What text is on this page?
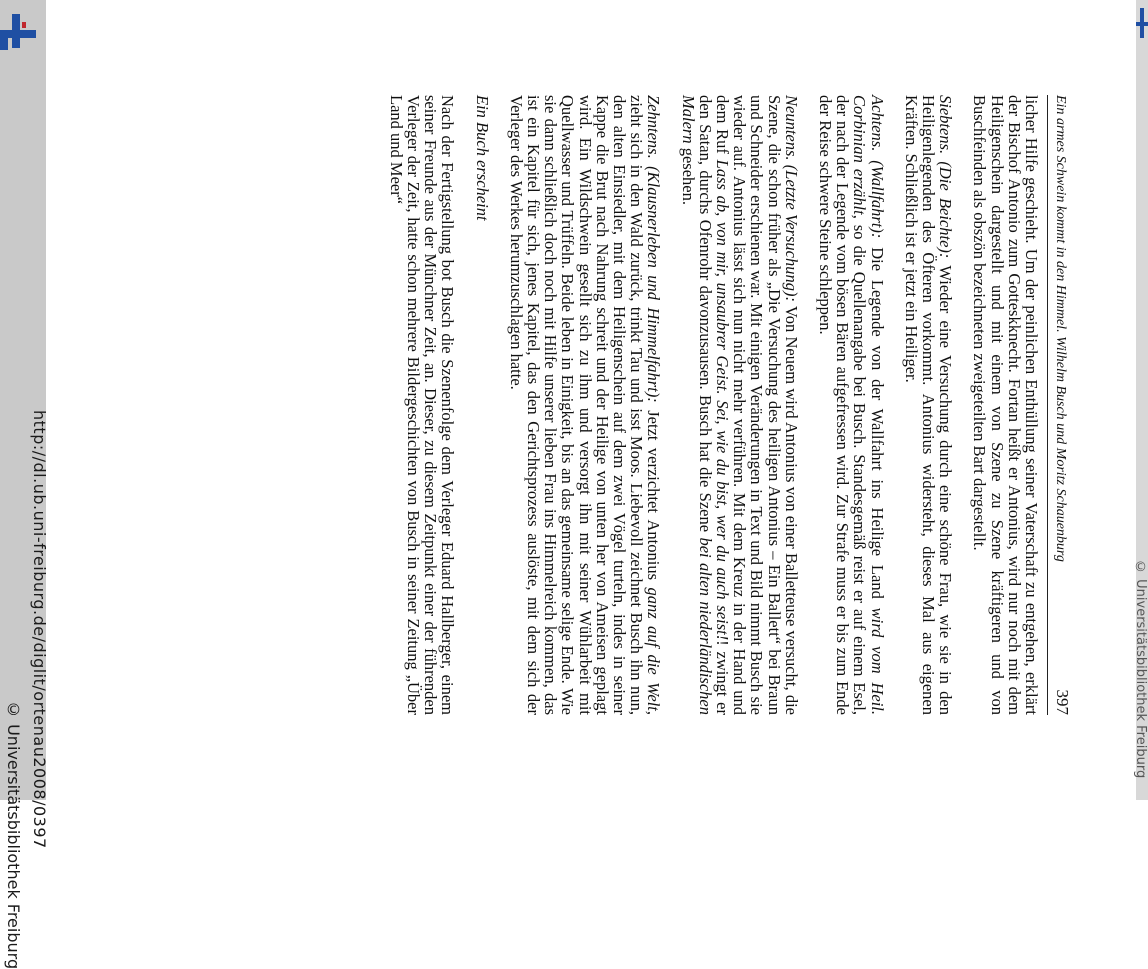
http://dl.ub.uni-freiburg.de/diglit/ortenau2008/0397
© Universitätsbibliothek Freiburg
© Universitätsbibliothek Freiburg
Ein armes Schwein kommt in den Himmel. Wilhelm Busch und Moritz Schauenburg
397

licher Hilfe geschieht. Um der peinlichen Enthüllung seiner Vaterschaft zu entgehen, erklärt der Bischof Antonio zum Gotteskknecht. Fortan heißt er Antonius, wird nur noch mit dem Heiligenschein dargestellt und mit einem von Szene zu Szene kräftigeren und von Buschfeinden als obszön bezeichneten zweigeteilten Bart dargestellt.

Siebtens. (Die Beichte): Wieder eine Versuchung durch eine schöne Frau, wie sie in den Heiligenlegenden des Öfteren vorkommt. Antonius widersteht, dieses Mal aus eigenen Kräften. Schließlich ist er jetzt ein Heiliger.

Achtens. (Wallfahrt): Die Legende von der Wallfahrt ins Heilige Land wird vom Heil. Corbinian erzählt, so die Quellenangabe bei Busch. Standesgemäß reist er auf einem Esel, der nach der Legende vom bösen Bären aufgefressen wird. Zur Strafe muss er bis zum Ende der Reise schwere Steine schleppen.

Neuntens. (Letzte Versuchung): Von Neuem wird Antonius von einer Balletteuse versucht, die Szene, die schon früher als „Die Versuchung des heiligen Antonius – Ein Ballett“ bei Braun und Schneider erschienen war. Mit einigen Veränderungen in Text und Bild nimmt Busch sie wieder auf. Antonius lässt sich nun nicht mehr verführen. Mit dem Kreuz in der Hand und dem Ruf Lass ab, von mir, unsaubrer Geist. Sei, wie du bist, wer du auch seist!! zwingt er den Satan, durchs Ofenrohr davonzusausen. Busch hat die Szene bei alten niederländischen Malern gesehen.

Zehntens. (Klausnerleben und Himmelfahrt): Jetzt verzichtet Antonius ganz auf die Welt, zieht sich in den Wald zurück, trinkt Tau und isst Moos. Liebevoll zeichnet Busch ihn nun, den alten Einsiedler, mit dem Heiligenschein auf dem zwei Vögel turteln, indes in seiner Kappe die Brut nach Nahrung schreit und der Heilige von unten her von Ameisen geplagt wird. Ein Wildschwein gesellt sich zu ihm und versorgt ihn mit seiner Wühlarbeit mit Quellwasser und Trüffeln. Beide leben in Einigkeit, bis an das gemeinsame selige Ende. Wie sie dann schließlich doch noch mit Hilfe unserer lieben Frau ins Himmelreich kommen, das ist ein Kapitel für sich, jenes Kapitel, das den Gerichtsprozess auslöste, mit dem sich der Verleger des Werkes herumzuschlagen hatte.

Ein Buch erscheint

Nach der Fertigstellung bot Busch die Szenenfolge dem Verleger Eduard Hallberger, einem seiner Freunde aus der Münchner Zeit, an. Dieser, zu diesem Zeitpunkt einer der führenden Verleger der Zeit, hatte schon mehrere Bildergeschichten von Busch in seiner Zeitung „Über Land und Meer“
